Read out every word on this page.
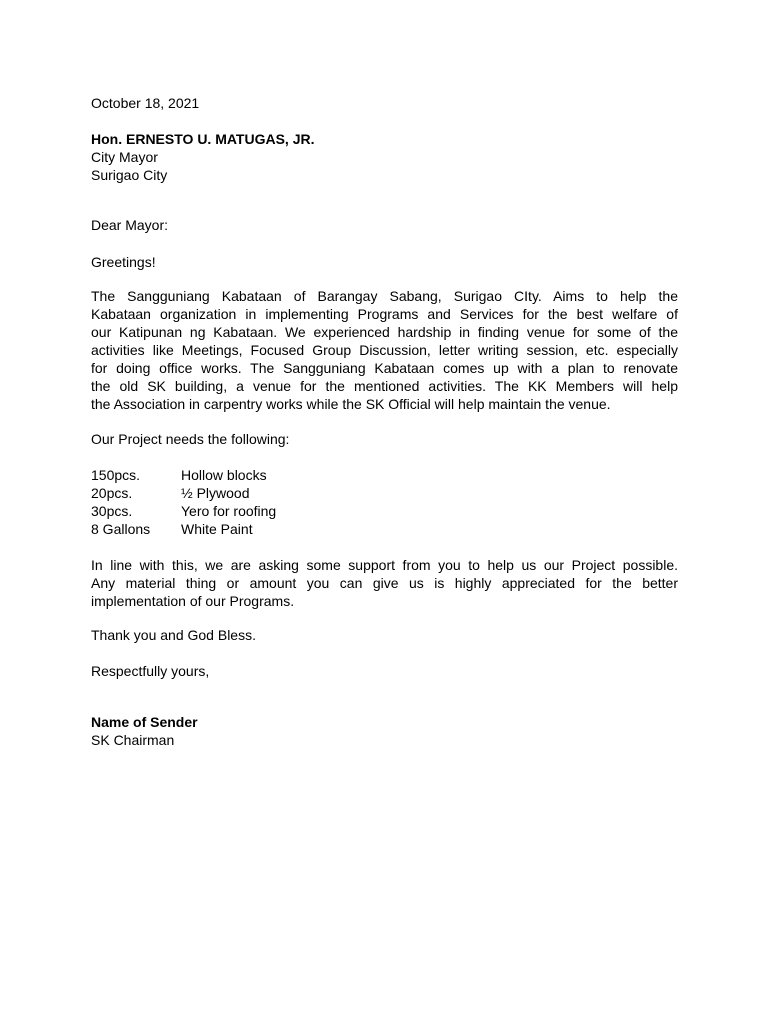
October 18, 2021
Hon. ERNESTO U. MATUGAS, JR.
City Mayor
Surigao City
Dear Mayor:
Greetings!
The Sangguniang Kabataan of Barangay Sabang, Surigao CIty. Aims to help the
Kabataan organization in implementing Programs and Services for the best welfare of
our Katipunan ng Kabataan. We experienced hardship in finding venue for some of the
activities like Meetings, Focused Group Discussion, letter writing session, etc. especially
for doing office works. The Sangguniang Kabataan comes up with a plan to renovate
the old SK building, a venue for the mentioned activities. The KK Members will help
the Association in carpentry works while the SK Official will help maintain the venue.
Our Project needs the following:
150pcs.	Hollow blocks
20pcs.	½ Plywood
30pcs.	Yero for roofing
8 Gallons	White Paint
In line with this, we are asking some support from you to help us our Project possible.
Any material thing or amount you can give us is highly appreciated for the better
implementation of our Programs.
Thank you and God Bless.
Respectfully yours,
Name of Sender
SK Chairman
